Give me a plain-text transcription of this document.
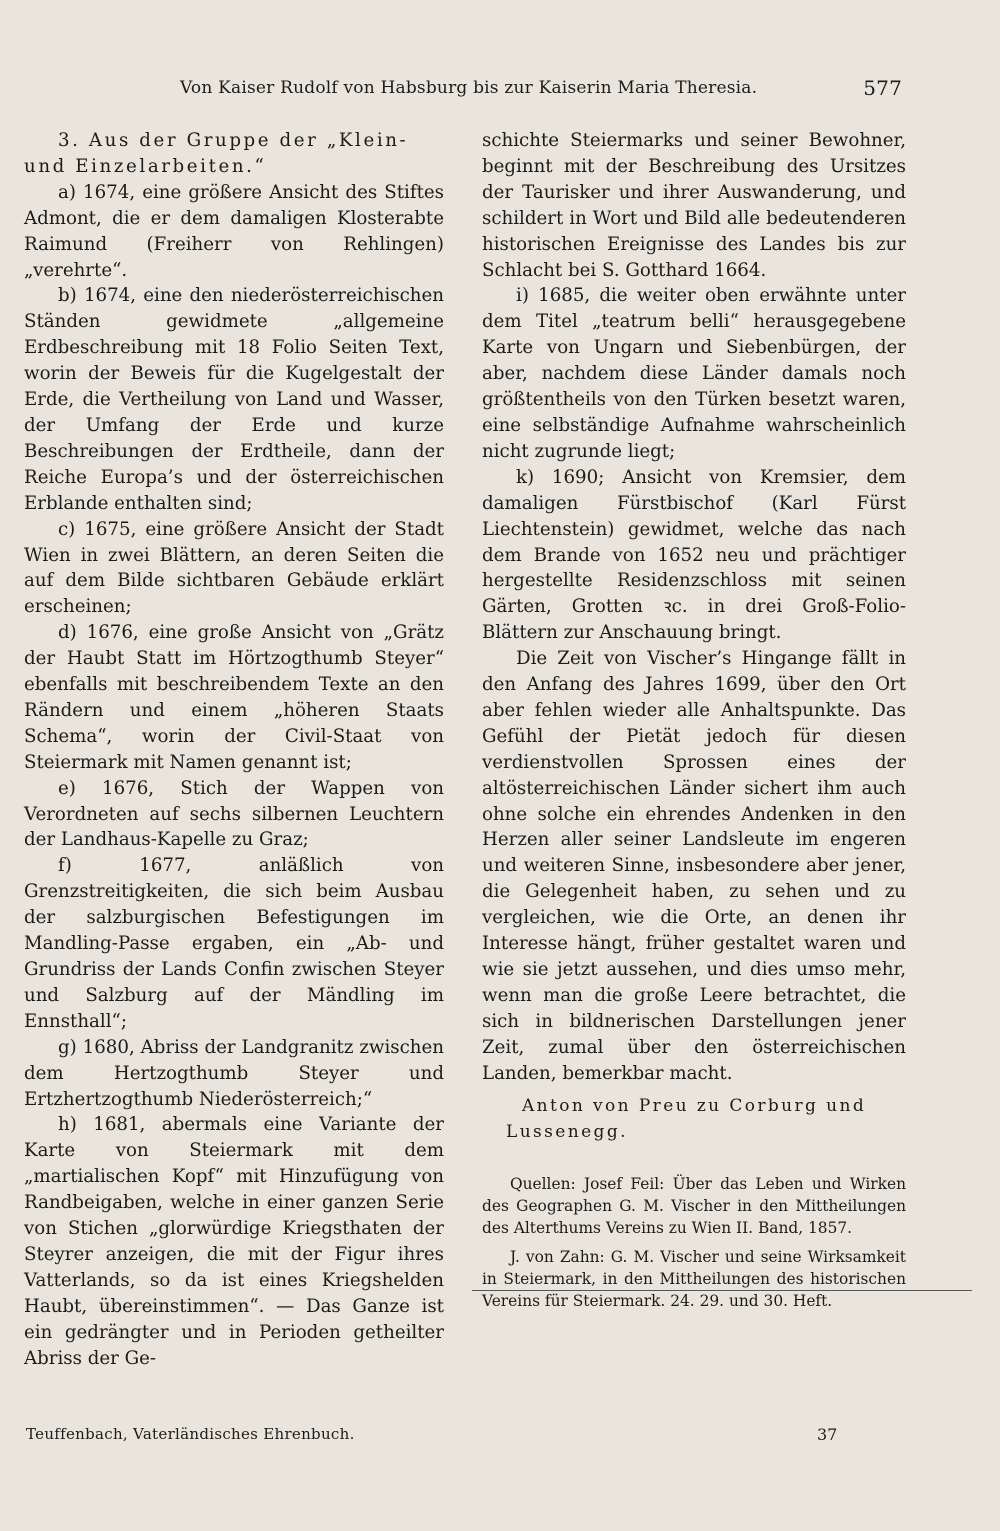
Von Kaiser Rudolf von Habsburg bis zur Kaiserin Maria Theresia.	577

3. Aus der Gruppe der „Klein-
und Einzelarbeiten.“

a) 1674, eine größere Ansicht des Stiftes Admont, die er dem damaligen Klosterabte Raimund (Freiherr von Rehlingen) „verehrte“.

b) 1674, eine den niederösterreichischen Ständen gewidmete „allgemeine Erdbeschreibung mit 18 Folio Seiten Text, worin der Beweis für die Kugelgestalt der Erde, die Vertheilung von Land und Wasser, der Umfang der Erde und kurze Beschreibungen der Erdtheile, dann der Reiche Europa’s und der österreichischen Erblande enthalten sind;

c) 1675, eine größere Ansicht der Stadt Wien in zwei Blättern, an deren Seiten die auf dem Bilde sichtbaren Gebäude erklärt erscheinen;

d) 1676, eine große Ansicht von „Grätz der Haubt Statt im Hörtzogthumb Steyer“ ebenfalls mit beschreibendem Texte an den Rändern und einem „höheren Staats Schema“, worin der Civil-Staat von Steiermark mit Namen genannt ist;

e) 1676, Stich der Wappen von Verordneten auf sechs silbernen Leuchtern der Landhaus-Kapelle zu Graz;

f) 1677, anläßlich von Grenzstreitigkeiten, die sich beim Ausbau der salzburgischen Befestigungen im Mandling-Passe ergaben, ein „Ab- und Grundriss der Lands Confin zwischen Steyer und Salzburg auf der Mändling im Ennsthall“;

g) 1680, Abriss der Landgranitz zwischen dem Hertzogthumb Steyer und Ertzhertzogthumb Niederösterreich;“

h) 1681, abermals eine Variante der Karte von Steiermark mit dem „martialischen Kopf“ mit Hinzufügung von Randbeigaben, welche in einer ganzen Serie von Stichen „glorwürdige Kriegsthaten der Steyrer anzeigen, die mit der Figur ihres Vatterlands, so da ist eines Kriegshelden Haubt, übereinstimmen“. — Das Ganze ist ein gedrängter und in Perioden getheilter Abriss der Ge-

schichte Steiermarks und seiner Bewohner, beginnt mit der Beschreibung des Ursitzes der Taurisker und ihrer Auswanderung, und schildert in Wort und Bild alle bedeutenderen historischen Ereignisse des Landes bis zur Schlacht bei S. Gotthard 1664.

i) 1685, die weiter oben erwähnte unter dem Titel „teatrum belli“ herausgegebene Karte von Ungarn und Siebenbürgen, der aber, nachdem diese Länder damals noch größtentheils von den Türken besetzt waren, eine selbständige Aufnahme wahrscheinlich nicht zugrunde liegt;

k) 1690; Ansicht von Kremsier, dem damaligen Fürstbischof (Karl Fürst Liechtenstein) gewidmet, welche das nach dem Brande von 1652 neu und prächtiger hergestellte Residenzschloss mit seinen Gärten, Grotten ꝛc. in drei Groß-Folio-Blättern zur Anschauung bringt.

Die Zeit von Vischer’s Hingange fällt in den Anfang des Jahres 1699, über den Ort aber fehlen wieder alle Anhaltspunkte. Das Gefühl der Pietät jedoch für diesen verdienstvollen Sprossen eines der altösterreichischen Länder sichert ihm auch ohne solche ein ehrendes Andenken in den Herzen aller seiner Landsleute im engeren und weiteren Sinne, insbesondere aber jener, die Gelegenheit haben, zu sehen und zu vergleichen, wie die Orte, an denen ihr Interesse hängt, früher gestaltet waren und wie sie jetzt aussehen, und dies umso mehr, wenn man die große Leere betrachtet, die sich in bildnerischen Darstellungen jener Zeit, zumal über den österreichischen Landen, bemerkbar macht.

Anton von Preu zu Corburg und
Lussenegg.

Quellen: Josef Feil: Über das Leben und Wirken des Geographen G. M. Vischer in den Mittheilungen des Alterthums Vereins zu Wien II. Band, 1857.

J. von Zahn: G. M. Vischer und seine Wirksamkeit in Steiermark, in den Mittheilungen des historischen Vereins für Steiermark. 24. 29. und 30. Heft.

Teuffenbach, Vaterländisches Ehrenbuch.	37
